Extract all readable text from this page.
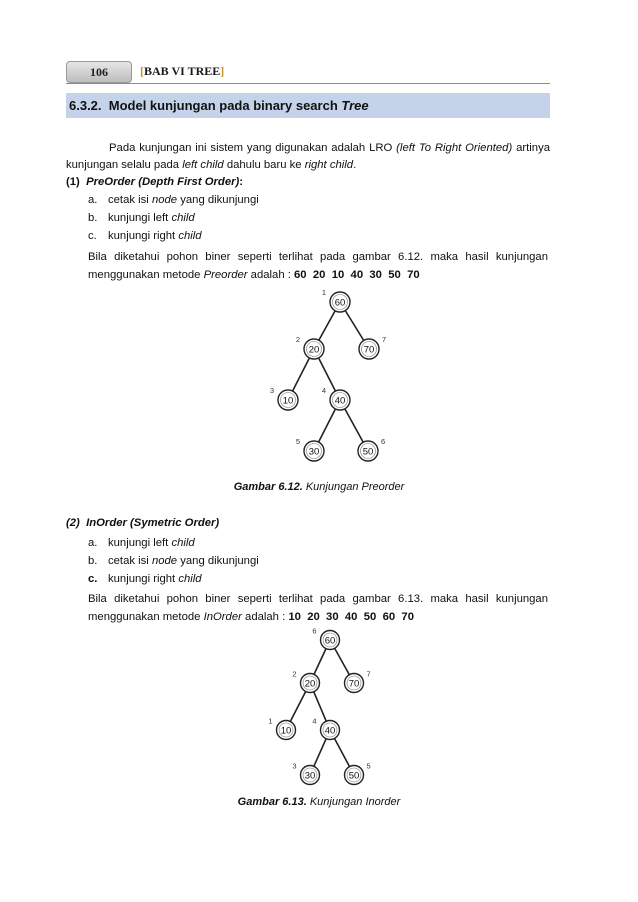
106	[BAB VI TREE]
6.3.2. Model kunjungan pada binary search Tree
Pada kunjungan ini sistem yang digunakan adalah LRO (left To Right Oriented) artinya
kunjungan selalu pada left child dahulu baru ke right child.
(1) PreOrder (Depth First Order):
a. cetak isi node yang dikunjungi
b. kunjungi left child
c. kunjungi right child
Bila diketahui pohon biner seperti terlihat pada gambar 6.12. maka hasil kunjungan
menggunakan metode Preorder adalah : 60  20  10  40  30  50  70
60
1
20
2
70
7
10
3
40
4
30
5
50
6
Gambar 6.12. Kunjungan Preorder
(2) InOrder (Symetric Order)
a. kunjungi left child
b. cetak isi node yang dikunjungi
c. kunjungi right child
Bila diketahui pohon biner seperti terlihat pada gambar 6.13. maka hasil kunjungan
menggunakan metode InOrder adalah : 10  20  30  40  50  60  70
60
6
20
2
70
7
10
1
40
4
30
3
50
5
Gambar 6.13. Kunjungan Inorder
